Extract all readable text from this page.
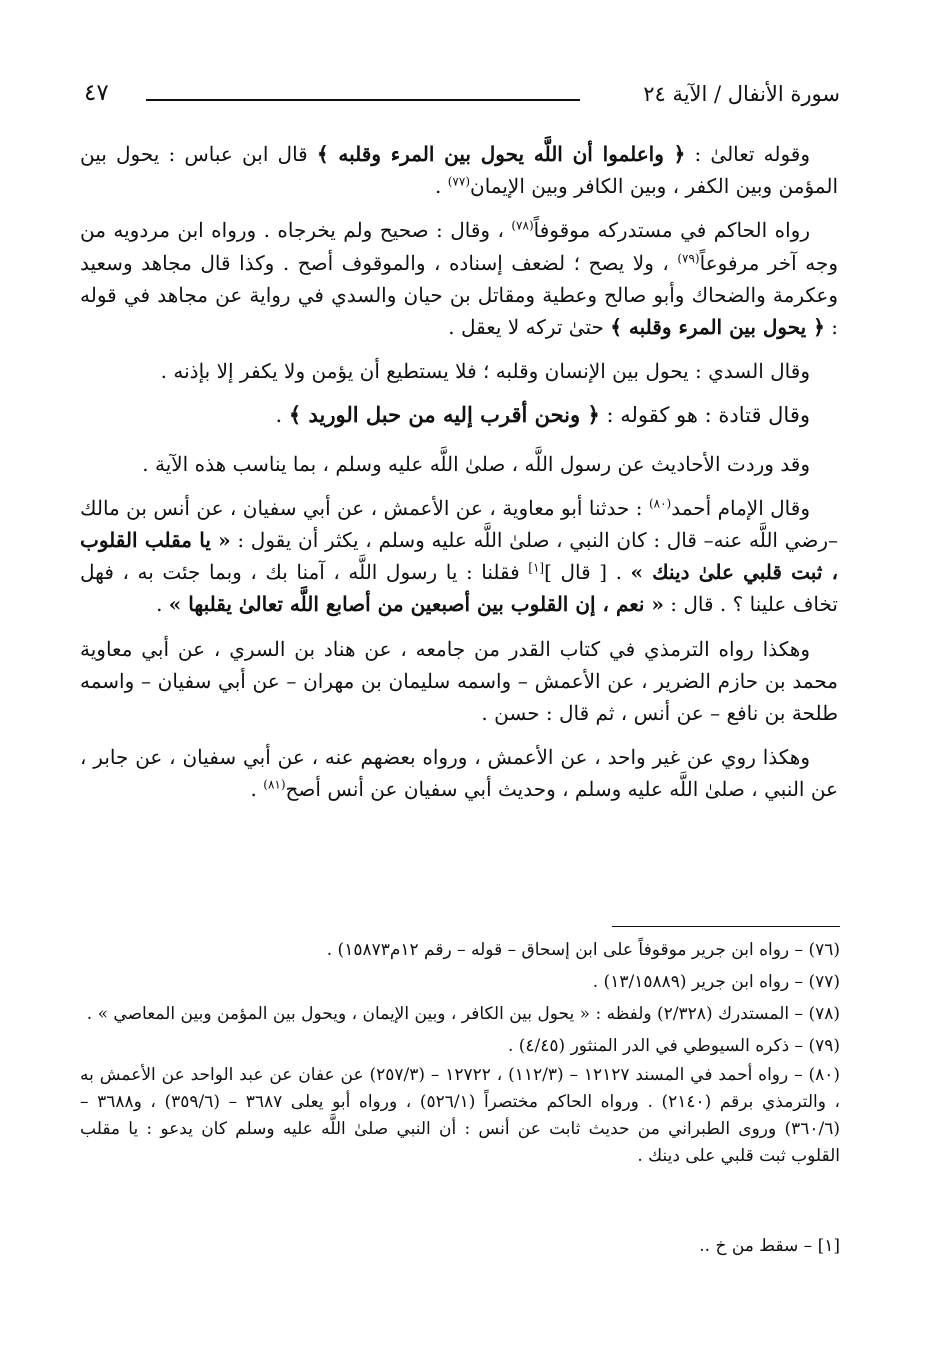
سورة الأنفال / الآية ٢٤
٤٧
وقوله تعالىٰ : ﴿ واعلموا أن اللَّه يحول بين المرء وقلبه ﴾ قال ابن عباس : يحول بين المؤمن وبين الكفر ، وبين الكافر وبين الإيمان$^{(٧٧)}$ .
رواه الحاكم في مستدركه موقوفاً$^{(٧٨)}$ ، وقال : صحيح ولم يخرجاه . ورواه ابن مردويه من وجه آخر مرفوعاً$^{(٧٩)}$ ، ولا يصح ؛ لضعف إسناده ، والموقوف أصح . وكذا قال مجاهد وسعيد وعكرمة والضحاك وأبو صالح وعطية ومقاتل بن حيان والسدي في رواية عن مجاهد في قوله : ﴿ يحول بين المرء وقلبه ﴾ حتىٰ تركه لا يعقل .
وقال السدي : يحول بين الإنسان وقلبه ؛ فلا يستطيع أن يؤمن ولا يكفر إلا بإذنه .
وقال قتادة : هو كقوله : ﴿ ونحن أقرب إليه من حبل الوريد ﴾ .
وقد وردت الأحاديث عن رسول اللَّه ، صلىٰ اللَّه عليه وسلم ، بما يناسب هذه الآية .
وقال الإمام أحمد$^{(٨٠)}$ : حدثنا أبو معاوية ، عن الأعمش ، عن أبي سفيان ، عن أنس بن مالك –رضي اللَّه عنه– قال : كان النبي ، صلىٰ اللَّه عليه وسلم ، يكثر أن يقول : « يا مقلب القلوب ، ثبت قلبي علىٰ دينك » . [ قال ][١] فقلنا : يا رسول اللَّه ، آمنا بك ، وبما جئت به ، فهل تخاف علينا ؟ . قال : « نعم ، إن القلوب بين أصبعين من أصابع اللَّه تعالىٰ يقلبها » .
وهكذا رواه الترمذي في كتاب القدر من جامعه ، عن هناد بن السري ، عن أبي معاوية محمد بن حازم الضرير ، عن الأعمش – واسمه سليمان بن مهران – عن أبي سفيان – واسمه طلحة بن نافع – عن أنس ، ثم قال : حسن .
وهكذا روي عن غير واحد ، عن الأعمش ، ورواه بعضهم عنه ، عن أبي سفيان ، عن جابر ، عن النبي ، صلىٰ اللَّه عليه وسلم ، وحديث أبي سفيان عن أنس أصح$^{(٨١)}$ .
(٧٦) – رواه ابن جرير موقوفاً على ابن إسحاق – قوله – رقم ١٢م١٥٨٧٣) .
(٧٧) – رواه ابن جرير (١٣/١٥٨٨٩) .
(٧٨) – المستدرك (٢/٣٢٨) ولفظه : « يحول بين الكافر ، وبين الإيمان ، ويحول بين المؤمن وبين المعاصي » .
(٧٩) – ذكره السيوطي في الدر المنثور (٤/٤٥) .
(٨٠) – رواه أحمد في المسند ١٢١٢٧ – (١١٢/٣) ، ١٢٧٢٢ – (٢٥٧/٣) عن عفان عن عبد الواحد عن الأعمش به ، والترمذي برقم (٢١٤٠) . ورواه الحاكم مختصراً (٥٢٦/١) ، ورواه أبو يعلى ٣٦٨٧ – (٣٥٩/٦) ، و٣٦٨٨ – (٣٦٠/٦) وروى الطبراني من حديث ثابت عن أنس : أن النبي صلىٰ اللَّه عليه وسلم كان يدعو : يا مقلب القلوب ثبت قلبي على دينك .
[١] – سقط من خ ..
